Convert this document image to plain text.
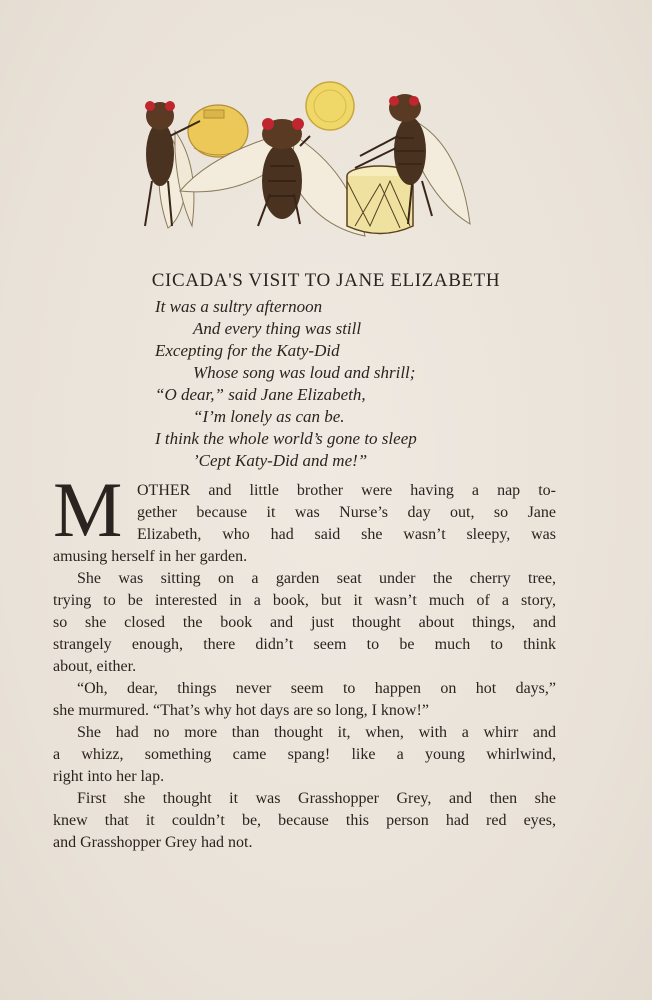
CICADA'S VISIT TO JANE ELIZABETH
It was a sultry afternoon
And every thing was still
Excepting for the Katy-Did
Whose song was loud and shrill;
“O dear,” said Jane Elizabeth,
“I’m lonely as can be.
I think the whole world’s gone to sleep
’Cept Katy-Did and me!”
M OTHER and little brother were having a nap to-
gether because it was Nurse’s day out, so Jane
Elizabeth, who had said she wasn’t sleepy, was
amusing herself in her garden.
She was sitting on a garden seat under the cherry tree,
trying to be interested in a book, but it wasn’t much of a story,
so she closed the book and just thought about things, and
strangely enough, there didn’t seem to be much to think
about, either.
“Oh, dear, things never seem to happen on hot days,”
she murmured. “That’s why hot days are so long, I know!”
She had no more than thought it, when, with a whirr and
a whizz, something came spang! like a young whirlwind,
right into her lap.
First she thought it was Grasshopper Grey, and then she
knew that it couldn’t be, because this person had red eyes,
and Grasshopper Grey had not.
